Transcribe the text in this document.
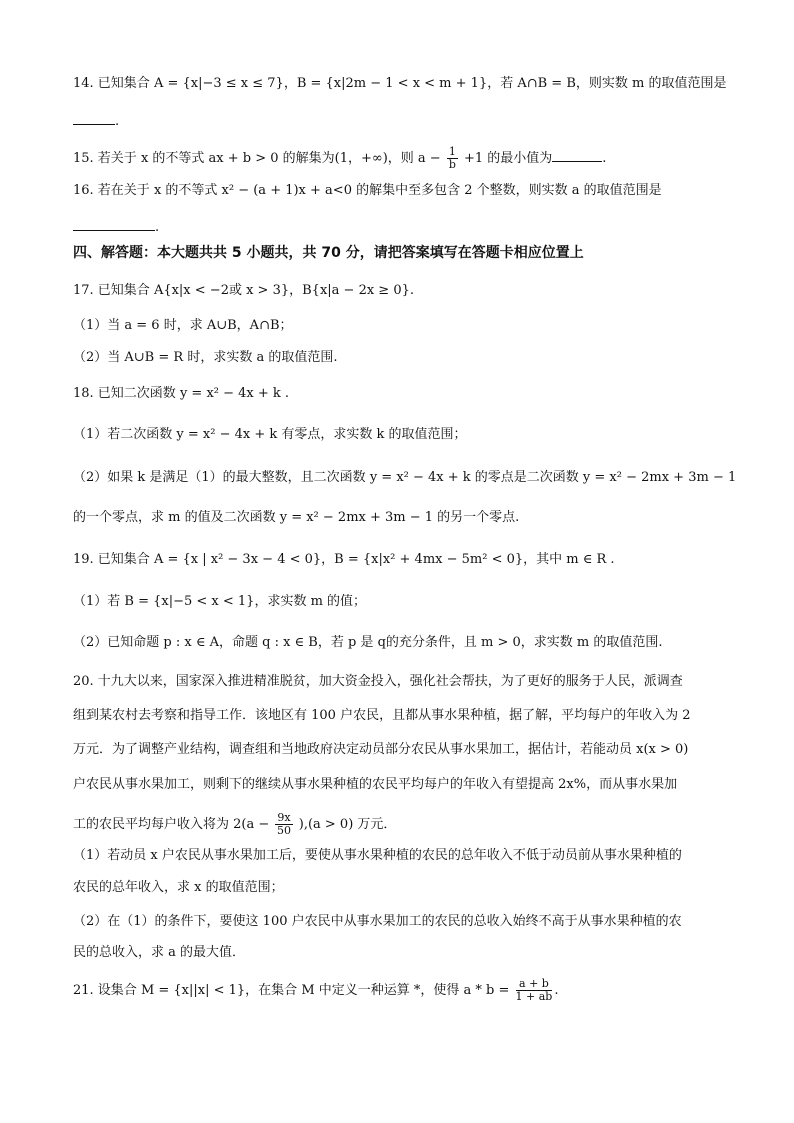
14. 已知集合 A = {x|−3 ≤ x ≤ 7}，B = {x|2m − 1 < x < m + 1}，若 A∩B = B，则实数 m 的取值范围是
.
15. 若关于 x 的不等式 ax + b > 0 的解集为(1，+∞)，则 $a - \frac{1}{b} +1$ 的最小值为	.
16. 若在关于 x 的不等式 x² − (a + 1)x + a<0 的解集中至多包含 2 个整数，则实数 a 的取值范围是
.
四、解答题：本大题共共 5 小题共，共 70 分，请把答案填写在答题卡相应位置上
17. 已知集合 A{x|x < −2或 x > 3}，B{x|a − 2x ≥ 0}.
（1）当 a = 6 时，求 A∪B，A∩B；
（2）当 A∪B = R 时，求实数 a 的取值范围.
18. 已知二次函数 y = x² − 4x + k .
（1）若二次函数 y = x² − 4x + k 有零点，求实数 k 的取值范围；
（2）如果 k 是满足（1）的最大整数，且二次函数 y = x² − 4x + k 的零点是二次函数 y = x² − 2mx + 3m − 1
的一个零点，求 m 的值及二次函数 y = x² − 2mx + 3m − 1 的另一个零点.
19. 已知集合 A = {x | x² − 3x − 4 < 0}，B = {x|x² + 4mx − 5m² < 0}，其中 m ∈ R .
（1）若 B = {x|−5 < x < 1}，求实数 m 的值；
（2）已知命题 p : x ∈ A，命题 q : x ∈ B，若 p 是 q的充分条件，且 m > 0，求实数 m 的取值范围.
20. 十九大以来，国家深入推进精准脱贫，加大资金投入，强化社会帮扶，为了更好的服务于人民，派调查
组到某农村去考察和指导工作．该地区有 100 户农民，且都从事水果种植，据了解，平均每户的年收入为 2
万元．为了调整产业结构，调查组和当地政府决定动员部分农民从事水果加工，据估计，若能动员 x(x > 0)
户农民从事水果加工，则剩下的继续从事水果种植的农民平均每户的年收入有望提高 2x%，而从事水果加
工的农民平均每户收入将为 $2(a - \frac{9x}{50} ),(a > 0)$ 万元．
（1）若动员 x 户农民从事水果加工后，要使从事水果种植的农民的总年收入不低于动员前从事水果种植的
农民的总年收入，求 x 的取值范围；
（2）在（1）的条件下，要使这 100 户农民中从事水果加工的农民的总收入始终不高于从事水果种植的农
民的总收入，求 a 的最大值．
21. 设集合 M = {x||x| < 1}，在集合 M 中定义一种运算 *，使得 $a * b = \frac{a + b}{1 + ab}$ .
